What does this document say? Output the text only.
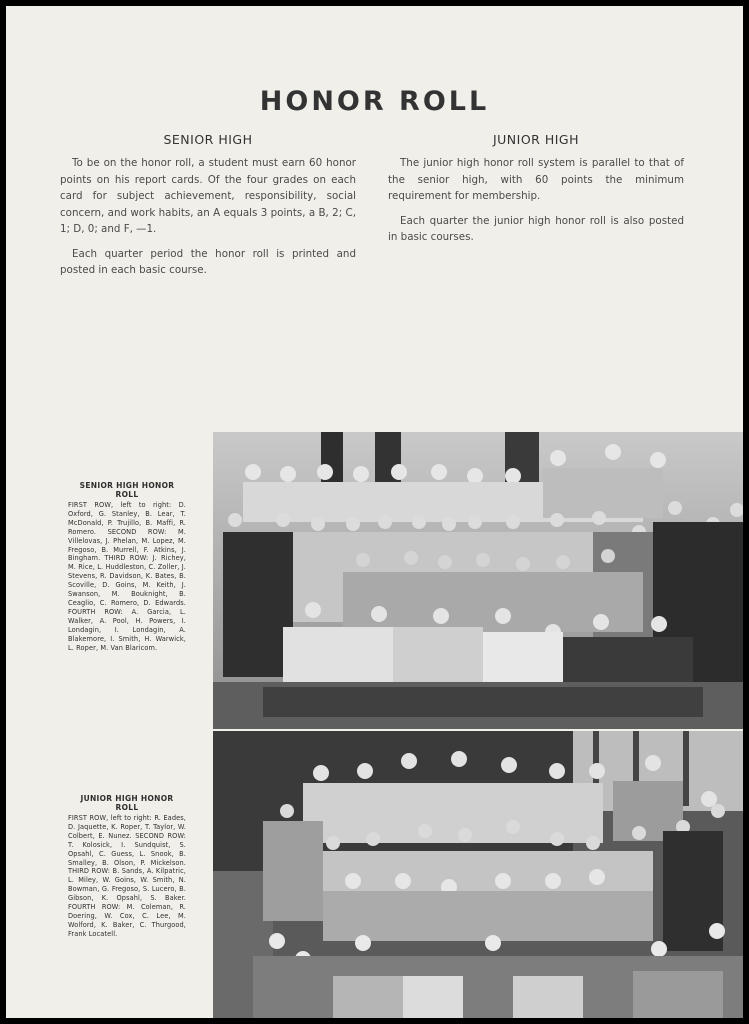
HONOR ROLL
SENIOR HIGH

To be on the honor roll, a student must earn 60 honor points on his report cards. Of the four grades on each card for subject achievement, responsibility, social concern, and work habits, an A equals 3 points, a B, 2; C, 1; D, 0; and F, —1.

Each quarter period the honor roll is printed and posted in each basic course.

JUNIOR HIGH

The junior high honor roll system is parallel to that of the senior high, with 60 points the minimum requirement for membership.

Each quarter the junior high honor roll is also posted in basic courses.

SENIOR HIGH HONOR ROLL
FIRST ROW, left to right: D. Oxford, G. Stanley, B. Lear, T. McDonald, P. Trujillo, B. Maffi, R. Romero. SECOND ROW: M. Villelovas, J. Phelan, M. Lopez, M. Fregoso, B. Murrell, F. Atkins, J. Bingham. THIRD ROW: J. Richey, M. Rice, L. Huddleston, C. Zoller, J. Stevens, R. Davidson, K. Bates, B. Scoville, D. Goins, M. Keith, J. Swanson, M. Bouknight, B. Ceaglio, C. Romero, D. Edwards. FOURTH ROW: A. Garcia, L. Walker, A. Pool, H. Powers, I. Londagin, I. Londagin, A. Blakemore, I. Smith, H. Warwick, L. Roper, M. Van Blaricom.
JUNIOR HIGH HONOR ROLL
FIRST ROW, left to right: R. Eades, D. Jaquette, K. Roper, T. Taylor, W. Colbert, E. Nunez. SECOND ROW: T. Kolosick, I. Sundquist, S. Opsahl, C. Guess, L. Snook, B. Smalley, B. Olson, P. Mickelson. THIRD ROW: B. Sands, A. Kilpatric, L. Miley, W. Goins, W. Smith, N. Bowman, G. Fregoso, S. Lucero, B. Gibson, K. Opsahl, S. Baker. FOURTH ROW: M. Coleman, R. Doering, W. Cox, C. Lee, M. Wolford, K. Baker, C. Thurgood, Frank Locatell.
